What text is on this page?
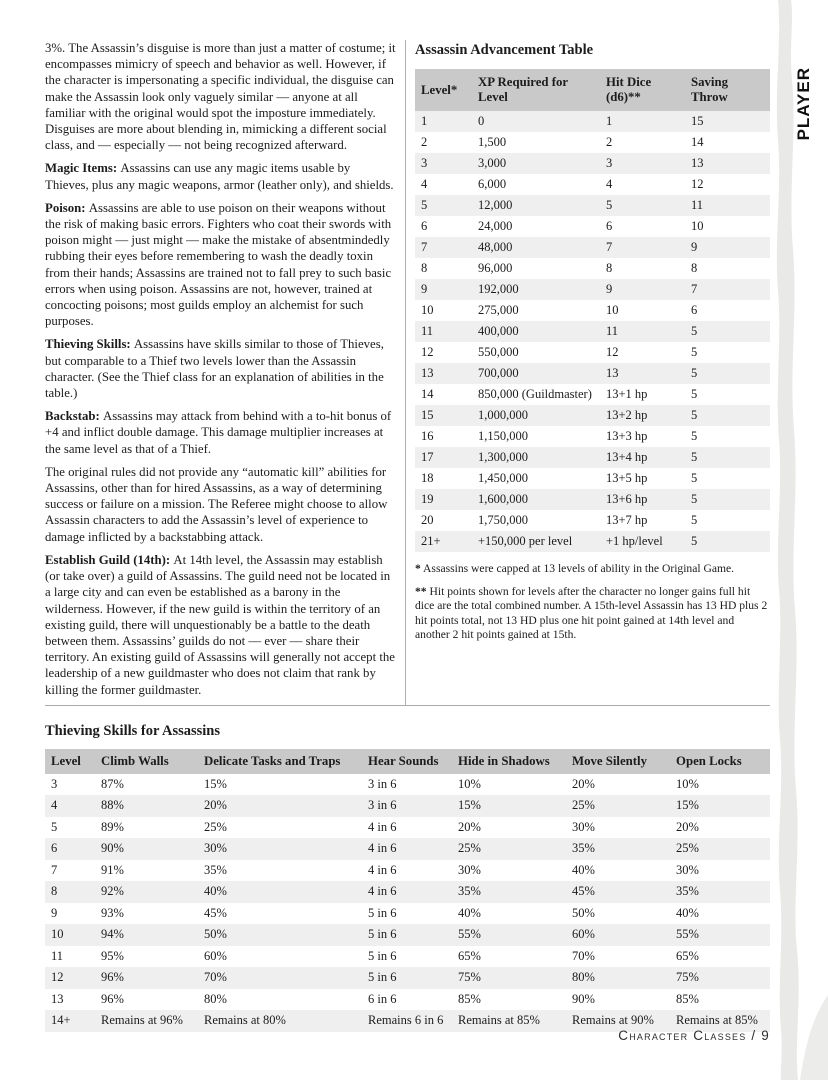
PLAYER

3%. The Assassin’s disguise is more than just a matter of costume; it encompasses mimicry of speech and behavior as well. However, if the character is impersonating a specific individual, the disguise can make the Assassin look only vaguely similar — anyone at all familiar with the original would spot the imposture immediately. Disguises are more about blending in, mimicking a different social class, and — especially — not being recognized afterward.

Magic Items: Assassins can use any magic items usable by Thieves, plus any magic weapons, armor (leather only), and shields.

Poison: Assassins are able to use poison on their weapons without the risk of making basic errors. Fighters who coat their swords with poison might — just might — make the mistake of absentmindedly rubbing their eyes before remembering to wash the deadly toxin from their hands; Assassins are trained not to fall prey to such basic errors when using poison. Assassins are not, however, trained at concocting poisons; most guilds employ an alchemist for such purposes.

Thieving Skills: Assassins have skills similar to those of Thieves, but comparable to a Thief two levels lower than the Assassin character. (See the Thief class for an explanation of abilities in the table.)

Backstab: Assassins may attack from behind with a to-hit bonus of +4 and inflict double damage. This damage multiplier increases at the same level as that of a Thief.

The original rules did not provide any “automatic kill” abilities for Assassins, other than for hired Assassins, as a way of determining success or failure on a mission. The Referee might choose to allow Assassin characters to add the Assassin’s level of experience to damage inflicted by a backstabbing attack.

Establish Guild (14th): At 14th level, the Assassin may establish (or take over) a guild of Assassins. The guild need not be located in a large city and can even be established as a barony in the wilderness. However, if the new guild is within the territory of an existing guild, there will unquestionably be a battle to the death between them. Assassins’ guilds do not — ever — share their territory. An existing guild of Assassins will generally not accept the leadership of a new guildmaster who does not claim that rank by killing the former guildmaster.

Assassin Advancement Table
Level*	XP Required for Level	Hit Dice (d6)**	Saving Throw
1	0	1	15
2	1,500	2	14
3	3,000	3	13
4	6,000	4	12
5	12,000	5	11
6	24,000	6	10
7	48,000	7	9
8	96,000	8	8
9	192,000	9	7
10	275,000	10	6
11	400,000	11	5
12	550,000	12	5
13	700,000	13	5
14	850,000 (Guildmaster)	13+1 hp	5
15	1,000,000	13+2 hp	5
16	1,150,000	13+3 hp	5
17	1,300,000	13+4 hp	5
18	1,450,000	13+5 hp	5
19	1,600,000	13+6 hp	5
20	1,750,000	13+7 hp	5
21+	+150,000 per level	+1 hp/level	5

* Assassins were capped at 13 levels of ability in the Original Game.

** Hit points shown for levels after the character no longer gains full hit dice are the total combined number. A 15th-level Assassin has 13 HD plus 2 hit points total, not 13 HD plus one hit point gained at 14th level and another 2 hit points gained at 15th.

Thieving Skills for Assassins
Level	Climb Walls	Delicate Tasks and Traps	Hear Sounds	Hide in Shadows	Move Silently	Open Locks
3	87%	15%	3 in 6	10%	20%	10%
4	88%	20%	3 in 6	15%	25%	15%
5	89%	25%	4 in 6	20%	30%	20%
6	90%	30%	4 in 6	25%	35%	25%
7	91%	35%	4 in 6	30%	40%	30%
8	92%	40%	4 in 6	35%	45%	35%
9	93%	45%	5 in 6	40%	50%	40%
10	94%	50%	5 in 6	55%	60%	55%
11	95%	60%	5 in 6	65%	70%	65%
12	96%	70%	5 in 6	75%	80%	75%
13	96%	80%	6 in 6	85%	90%	85%
14+	Remains at 96%	Remains at 80%	Remains 6 in 6	Remains at 85%	Remains at 90%	Remains at 85%
Character Classes / 9
